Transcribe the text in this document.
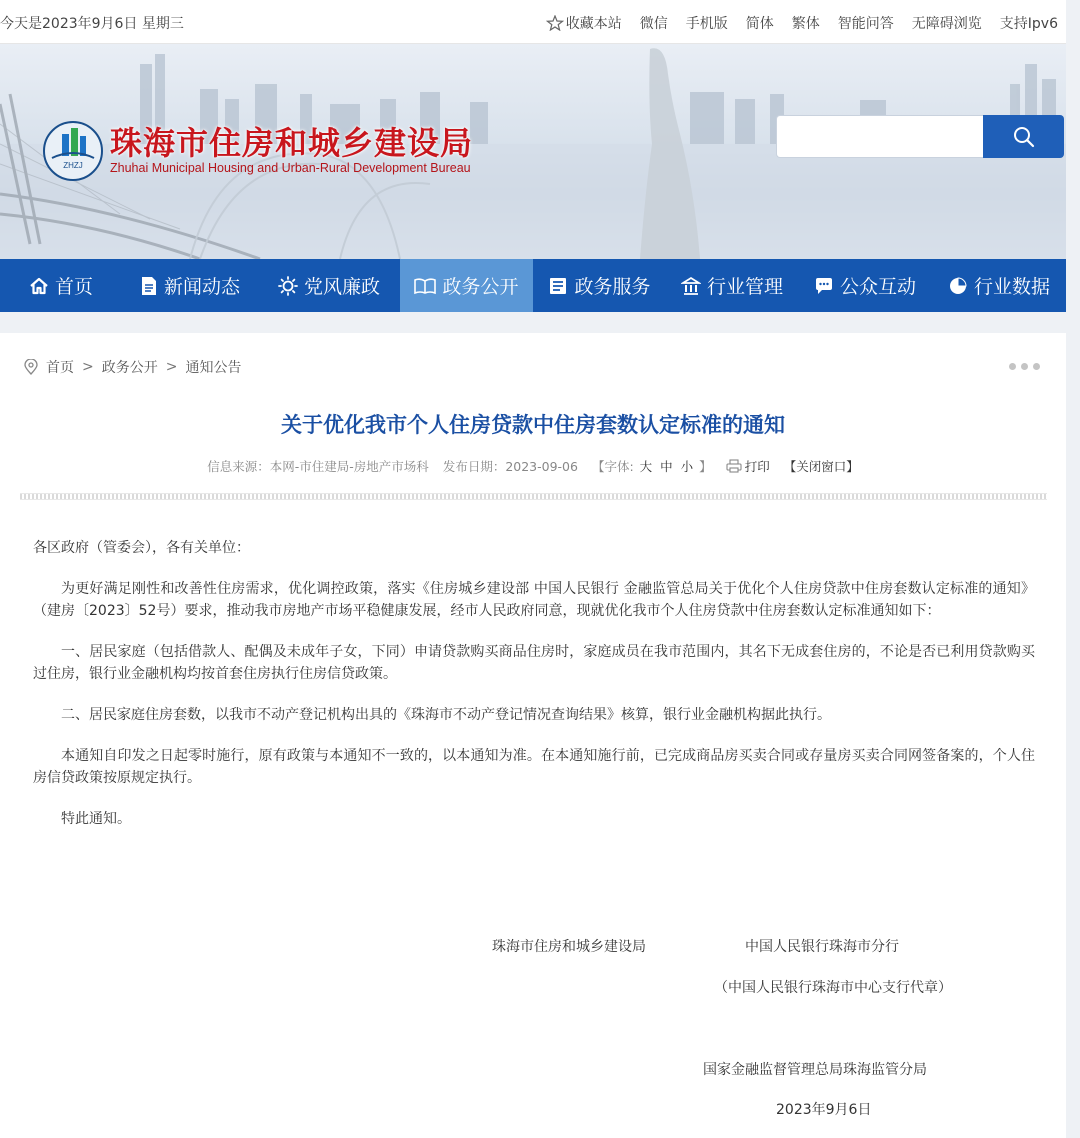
今天是2023年9月6日 星期三	收藏本站 微信 手机版 简体 繁体 智能问答 无障碍浏览 支持Ipv6
ZHZJ
珠海市住房和城乡建设局
Zhuhai Municipal Housing and Urban-Rural Development Bureau
首页	新闻动态	党风廉政	政务公开	政务服务	行业管理	公众互动	行业数据
首页 > 政务公开 > 通知公告
关于优化我市个人住房贷款中住房套数认定标准的通知
信息来源：本网-市住建局-房地产市场科 发布日期：2023-09-06 【字体: 大 中 小 】	打印 【关闭窗口】

各区政府（管委会），各有关单位：

为更好满足刚性和改善性住房需求，优化调控政策，落实《住房城乡建设部 中国人民银行 金融监管总局关于优化个人住房贷款中住房套数认定标准的通知》（建房〔2023〕52号）要求，推动我市房地产市场平稳健康发展，经市人民政府同意，现就优化我市个人住房贷款中住房套数认定标准通知如下：

一、居民家庭（包括借款人、配偶及未成年子女，下同）申请贷款购买商品住房时，家庭成员在我市范围内，其名下无成套住房的，不论是否已利用贷款购买过住房，银行业金融机构均按首套住房执行住房信贷政策。

二、居民家庭住房套数，以我市不动产登记机构出具的《珠海市不动产登记情况查询结果》核算，银行业金融机构据此执行。

本通知自印发之日起零时施行，原有政策与本通知不一致的，以本通知为准。在本通知施行前，已完成商品房买卖合同或存量房买卖合同网签备案的，个人住房信贷政策按原规定执行。

特此通知。

珠海市住房和城乡建设局	中国人民银行珠海市分行
（中国人民银行珠海市中心支行代章）
国家金融监督管理总局珠海监管分局
2023年9月6日
